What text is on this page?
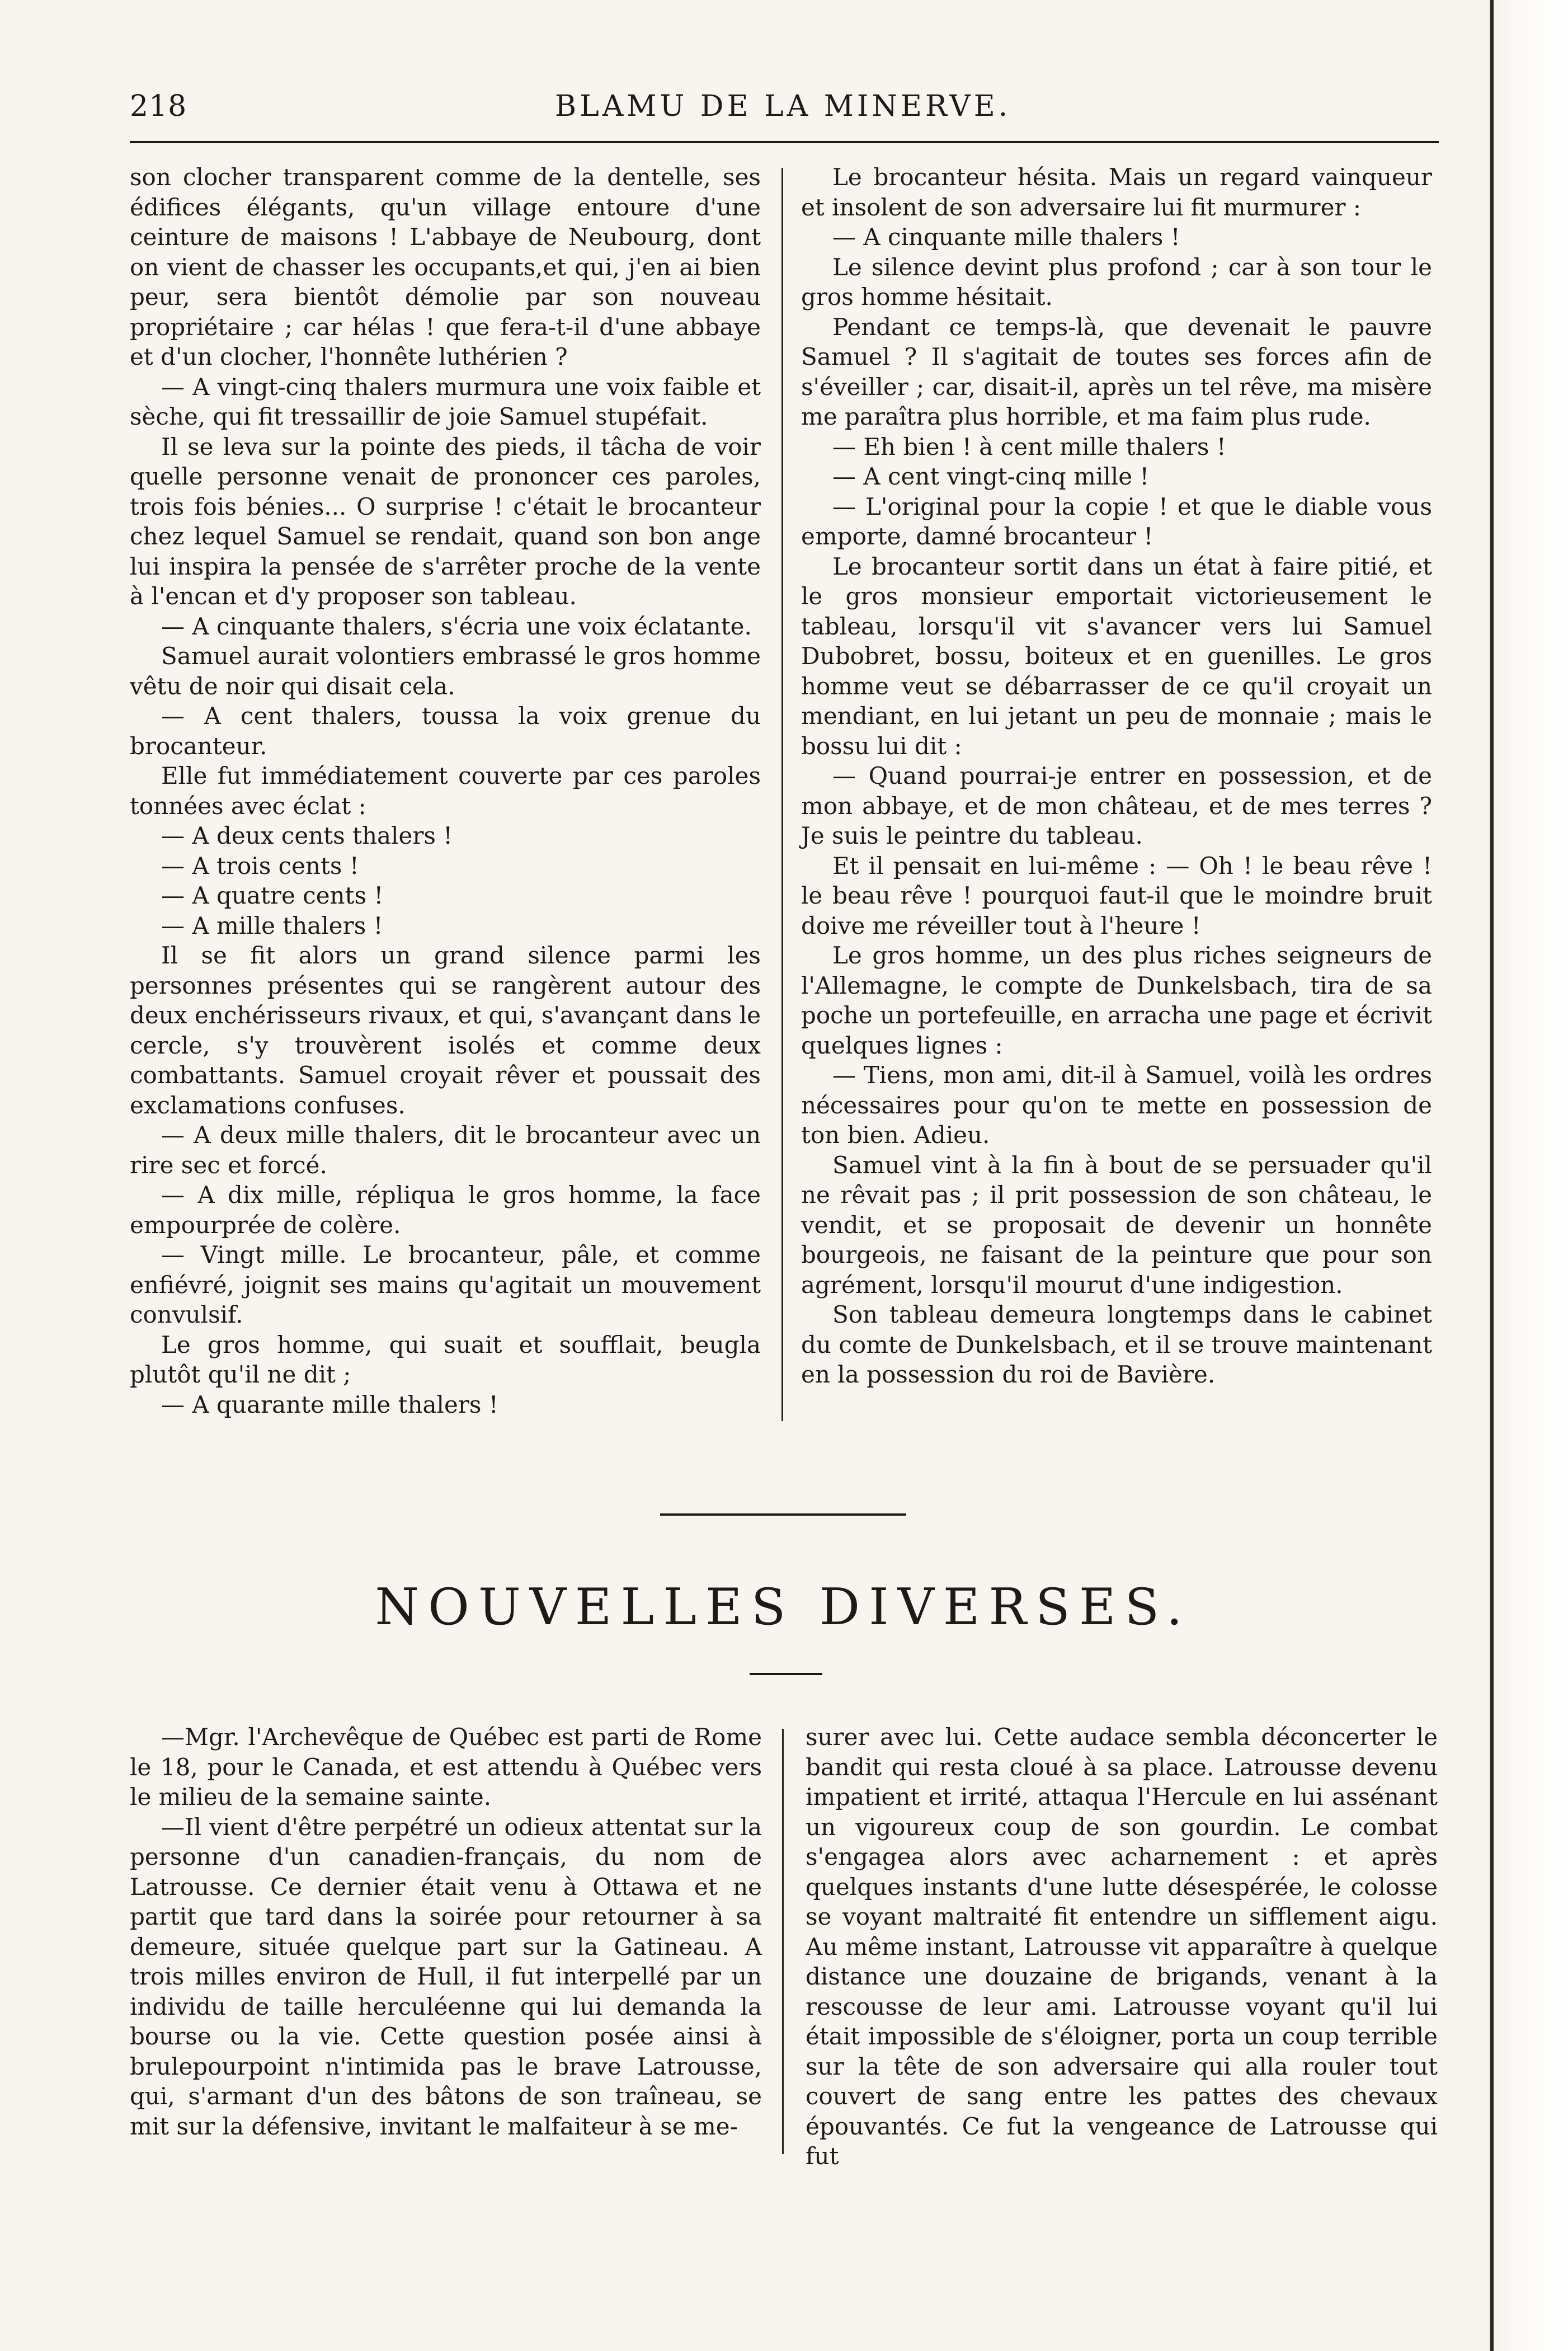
218	BLAMU DE LA MINERVE.

son clocher transparent comme de la dentelle, ses édifices élégants, qu'un village entoure d'une ceinture de maisons ! L'abbaye de Neubourg, dont on vient de chasser les occupants,et qui, j'en ai bien peur, sera bientôt démolie par son nouveau propriétaire ; car hélas ! que fera-t-il d'une abbaye et d'un clocher, l'honnête luthérien ?

— A vingt-cinq thalers murmura une voix faible et sèche, qui fit tressaillir de joie Samuel stupéfait.

Il se leva sur la pointe des pieds, il tâcha de voir quelle personne venait de prononcer ces paroles, trois fois bénies... O surprise ! c'était le brocanteur chez lequel Samuel se rendait, quand son bon ange lui inspira la pensée de s'arrêter proche de la vente à l'encan et d'y proposer son tableau.

— A cinquante thalers, s'écria une voix éclatante.

Samuel aurait volontiers embrassé le gros homme vêtu de noir qui disait cela.

— A cent thalers, toussa la voix grenue du brocanteur.

Elle fut immédiatement couverte par ces paroles tonnées avec éclat :

— A deux cents thalers !

— A trois cents !

— A quatre cents !

— A mille thalers !

Il se fit alors un grand silence parmi les personnes présentes qui se rangèrent autour des deux enchérisseurs rivaux, et qui, s'avançant dans le cercle, s'y trouvèrent isolés et comme deux combattants. Samuel croyait rêver et poussait des exclamations confuses.

— A deux mille thalers, dit le brocanteur avec un rire sec et forcé.

— A dix mille, répliqua le gros homme, la face empourprée de colère.

— Vingt mille. Le brocanteur, pâle, et comme enfiévré, joignit ses mains qu'agitait un mouvement convulsif.

Le gros homme, qui suait et soufflait, beugla plutôt qu'il ne dit ;

— A quarante mille thalers !

Le brocanteur hésita. Mais un regard vainqueur et insolent de son adversaire lui fit murmurer :

— A cinquante mille thalers !

Le silence devint plus profond ; car à son tour le gros homme hésitait.

Pendant ce temps-là, que devenait le pauvre Samuel ? Il s'agitait de toutes ses forces afin de s'éveiller ; car, disait-il, après un tel rêve, ma misère me paraîtra plus horrible, et ma faim plus rude.

— Eh bien ! à cent mille thalers !

— A cent vingt-cinq mille !

— L'original pour la copie ! et que le diable vous emporte, damné brocanteur !

Le brocanteur sortit dans un état à faire pitié, et le gros monsieur emportait victorieusement le tableau, lorsqu'il vit s'avancer vers lui Samuel Dubobret, bossu, boiteux et en guenilles. Le gros homme veut se débarrasser de ce qu'il croyait un mendiant, en lui jetant un peu de monnaie ; mais le bossu lui dit :

— Quand pourrai-je entrer en possession, et de mon abbaye, et de mon château, et de mes terres ? Je suis le peintre du tableau.

Et il pensait en lui-même : — Oh ! le beau rêve ! le beau rêve ! pourquoi faut-il que le moindre bruit doive me réveiller tout à l'heure !

Le gros homme, un des plus riches seigneurs de l'Allemagne, le compte de Dunkelsbach, tira de sa poche un portefeuille, en arracha une page et écrivit quelques lignes :

— Tiens, mon ami, dit-il à Samuel, voilà les ordres nécessaires pour qu'on te mette en possession de ton bien. Adieu.

Samuel vint à la fin à bout de se persuader qu'il ne rêvait pas ; il prit possession de son château, le vendit, et se proposait de devenir un honnête bourgeois, ne faisant de la peinture que pour son agrément, lorsqu'il mourut d'une indigestion.

Son tableau demeura longtemps dans le cabinet du comte de Dunkelsbach, et il se trouve maintenant en la possession du roi de Bavière.

NOUVELLES DIVERSES.

—Mgr. l'Archevêque de Québec est parti de Rome le 18, pour le Canada, et est attendu à Québec vers le milieu de la semaine sainte.

—Il vient d'être perpétré un odieux attentat sur la personne d'un canadien-français, du nom de Latrousse. Ce dernier était venu à Ottawa et ne partit que tard dans la soirée pour retourner à sa demeure, située quelque part sur la Gatineau. A trois milles environ de Hull, il fut interpellé par un individu de taille herculéenne qui lui demanda la bourse ou la vie. Cette question posée ainsi à brulepourpoint n'intimida pas le brave Latrousse, qui, s'armant d'un des bâtons de son traîneau, se mit sur la défensive, invitant le malfaiteur à se me-

surer avec lui. Cette audace sembla déconcerter le bandit qui resta cloué à sa place. Latrousse devenu impatient et irrité, attaqua l'Hercule en lui assénant un vigoureux coup de son gourdin. Le combat s'engagea alors avec acharnement : et après quelques instants d'une lutte désespérée, le colosse se voyant maltraité fit entendre un sifflement aigu. Au même instant, Latrousse vit apparaître à quelque distance une douzaine de brigands, venant à la rescousse de leur ami. Latrousse voyant qu'il lui était impossible de s'éloigner, porta un coup terrible sur la tête de son adversaire qui alla rouler tout couvert de sang entre les pattes des chevaux épouvantés. Ce fut la vengeance de Latrousse qui fut
